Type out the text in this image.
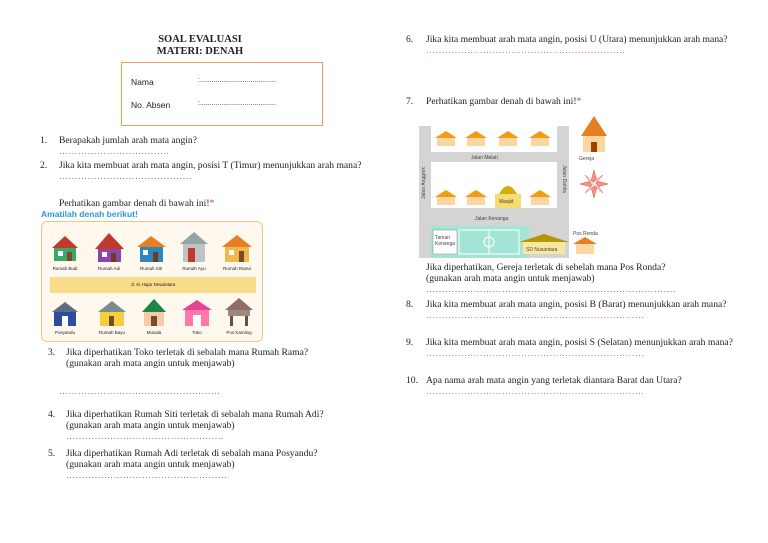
SOAL EVALUASI
MATERI: DENAH
Nama	:.......................................
No. Absen	:.......................................
1. Berapakah jumlah arah mata angin?
……………………………..
2. Jika kita membuat arah mata angin, posisi T (Timur) menunjukkan arah mana?
……………………………………
Perhatikan gambar denah di bawah ini!*
Amatilah denah berikut!
Rumah Budi	Rumah Adi	Rumah Siti	Rumah Ayu	Rumah Rama
Jl. Ki Hajar Dewantara
Posyandu	Rumah Bayu	Musala	Toko	Pos Kamling
3. Jika diperhatikan Toko terletak di sebalah mana Rumah Rama?
(gunakan arah mata angin untuk menjawab)
……………………………………………
4. Jika diperhatikan Rumah Siti terletak di sebalah mana Rumah Adi?
(gunakan arah mata angin untuk menjawab)
…………………………………………..
5. Jika diperhatikan Rumah Adi terletak di sebalah mana Posyandu?
(gunakan arah mata angin untuk menjawab)
……………………………………………
6. Jika kita membuat arah mata angin, posisi U (Utara) menunjukkan arah mana?
………………………………………………………
7. Perhatikan gambar denah di bawah ini!*
Jalan Melati
Jalan Anggrek	Jalan Dahlia
Jalan Kenanga
Masjid
Gereja
Taman Kenanga
SD Nusantara
Pos Ronda
Jika diperhatikan, Gereja terletak di sebelah mana Pos Ronda?
(gunakan arah mata angin untuk menjawab)
…………………………………………………………………….
8. Jika kita membuat arah mata angin, posisi B (Barat) menunjukkan arah mana?
……………………………………………………………
9. Jika kita membuat arah mata angin, posisi S (Selatan) menunjukkan arah mana?
……………………………………………………………
10. Apa nama arah mata angin yang terletak diantara Barat dan Utara?
……………………………………………………………
